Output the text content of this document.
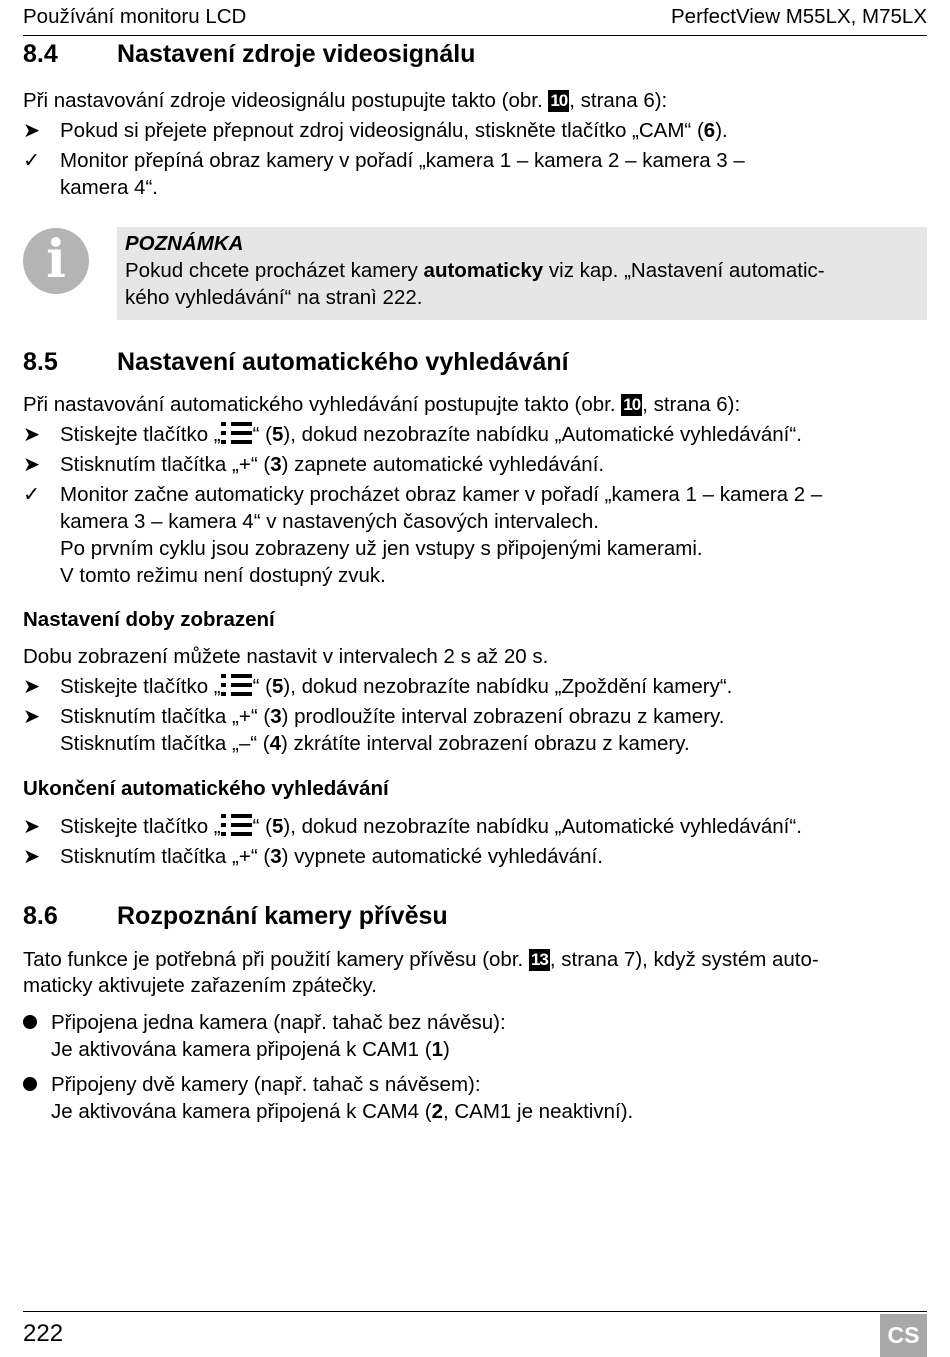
Používání monitoru LCD	PerfectView M55LX, M75LX
8.4 Nastavení zdroje videosignálu
Při nastavování zdroje videosignálu postupujte takto (obr. 10, strana 6):
➤ Pokud si přejete přepnout zdroj videosignálu, stiskněte tlačítko „CAM“ (6).
✓ Monitor přepíná obraz kamery v pořadí „kamera 1 – kamera 2 – kamera 3 –
kamera 4“.
i	POZNÁMKA
Pokud chcete procházet kamery automaticky viz kap. „Nastavení automatic-
kého vyhledávání“ na stranì 222.
8.5 Nastavení automatického vyhledávání
Při nastavování automatického vyhledávání postupujte takto (obr. 10, strana 6):
➤ Stiskejte tlačítko „ “ (5), dokud nezobrazíte nabídku „Automatické vyhledávání“.
➤ Stisknutím tlačítka „+“ (3) zapnete automatické vyhledávání.
✓ Monitor začne automaticky procházet obraz kamer v pořadí „kamera 1 – kamera 2 –
kamera 3 – kamera 4“ v nastavených časových intervalech.
Po prvním cyklu jsou zobrazeny už jen vstupy s připojenými kamerami.
V tomto režimu není dostupný zvuk.
Nastavení doby zobrazení
Dobu zobrazení můžete nastavit v intervalech 2 s až 20 s.
➤ Stiskejte tlačítko „ “ (5), dokud nezobrazíte nabídku „Zpoždění kamery“.
➤ Stisknutím tlačítka „+“ (3) prodloužíte interval zobrazení obrazu z kamery.
Stisknutím tlačítka „–“ (4) zkrátíte interval zobrazení obrazu z kamery.
Ukončení automatického vyhledávání
➤ Stiskejte tlačítko „ “ (5), dokud nezobrazíte nabídku „Automatické vyhledávání“.
➤ Stisknutím tlačítka „+“ (3) vypnete automatické vyhledávání.
8.6 Rozpoznání kamery přívěsu
Tato funkce je potřebná při použití kamery přívěsu (obr. 13, strana 7), když systém auto-
maticky aktivujete zařazením zpátečky.
Připojena jedna kamera (např. tahač bez návěsu):
Je aktivována kamera připojená k CAM1 (1)
Připojeny dvě kamery (např. tahač s návěsem):
Je aktivována kamera připojená k CAM4 (2, CAM1 je neaktivní).
222	CS
